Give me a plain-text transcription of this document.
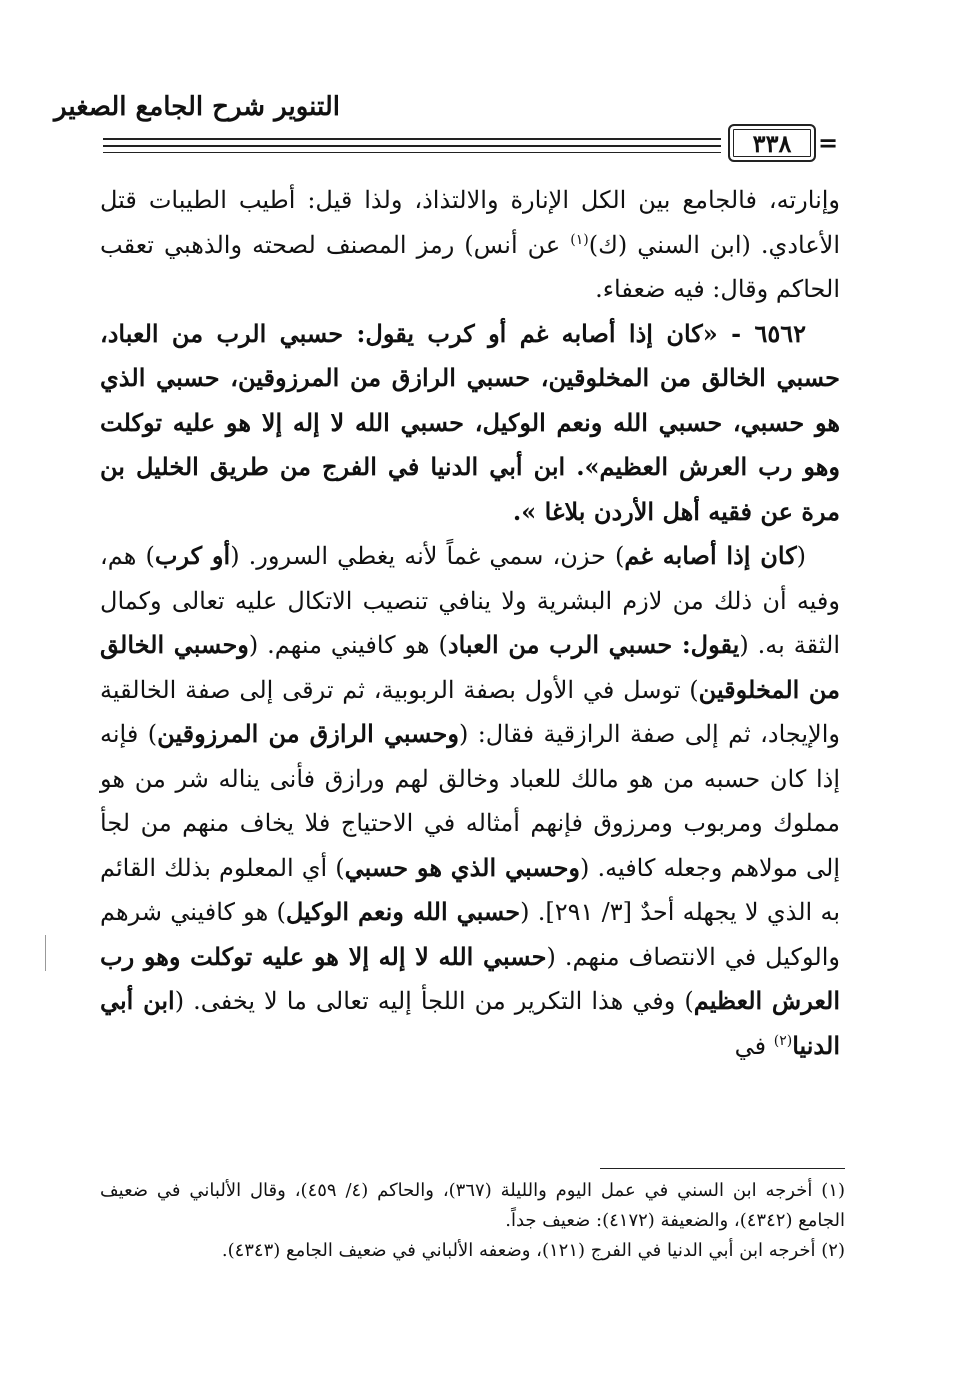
التنوير شرح الجامع الصغير
٣٣٨ =

وإنارته، فالجامع بين الكل الإنارة والالتذاذ، ولذا قيل: أطيب الطيبات قتل الأعادي. (ابن السني (ك)$^{(١)}$ عن أنس) رمز المصنف لصحته والذهبي تعقب الحاكم وقال: فيه ضعفاء.

٦٥٦٢ - «كان إذا أصابه غم أو كرب يقول: حسبي الرب من العباد، حسبي الخالق من المخلوقين، حسبي الرازق من المرزوقين، حسبي الذي هو حسبي، حسبي الله ونعم الوكيل، حسبي الله لا إله إلا هو عليه توكلت وهو رب العرش العظيم». ابن أبي الدنيا في الفرج من طريق الخليل بن مرة عن فقيه أهل الأردن بلاغا ».

(كان إذا أصابه غم) حزن، سمي غماً لأنه يغطي السرور. (أو كرب) هم، وفيه أن ذلك من لازم البشرية ولا ينافي تنصيب الاتكال عليه تعالى وكمال الثقة به. (يقول: حسبي الرب من العباد) هو كافيني منهم. (وحسبي الخالق من المخلوقين) توسل في الأول بصفة الربوبية، ثم ترقى إلى صفة الخالقية والإيجاد، ثم إلى صفة الرازقية فقال: (وحسبي الرازق من المرزوقين) فإنه إذا كان حسبه من هو مالك للعباد وخالق لهم ورازق فأنى يناله شر من هو مملوك ومربوب ومرزوق فإنهم أمثاله في الاحتياج فلا يخاف منهم من لجأ إلى مولاهم وجعله كافيه. (وحسبي الذي هو حسبي) أي المعلوم بذلك القائم به الذي لا يجهله أحدٌ [٣/ ٢٩١]. (حسبي الله ونعم الوكيل) هو كافيني شرهم والوكيل في الانتصاف منهم. (حسبي الله لا إله إلا هو عليه توكلت وهو رب العرش العظيم) وفي هذا التكرير من اللجأ إليه تعالى ما لا يخفى. (ابن أبي الدنيا$^{(٢)}$ في

(١) أخرجه ابن السني في عمل اليوم والليلة (٣٦٧)، والحاكم (٤/ ٤٥٩)، وقال الألباني في ضعيف الجامع (٤٣٤٢)، والضعيفة (٤١٧٢): ضعيف جداً.

(٢) أخرجه ابن أبي الدنيا في الفرج (١٢١)، وضعفه الألباني في ضعيف الجامع (٤٣٤٣).
